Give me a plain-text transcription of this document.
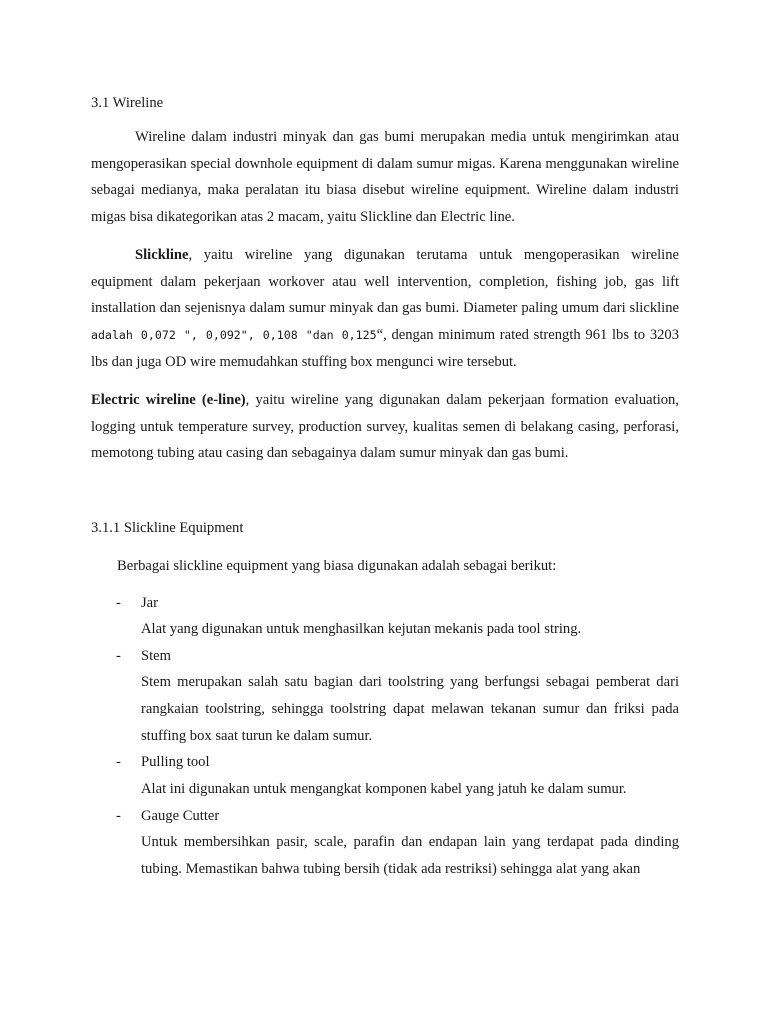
3.1 Wireline

Wireline dalam industri minyak dan gas bumi merupakan media untuk mengirimkan atau mengoperasikan special downhole equipment di dalam sumur migas. Karena menggunakan wireline sebagai medianya, maka peralatan itu biasa disebut wireline equipment. Wireline dalam industri migas bisa dikategorikan atas 2 macam, yaitu Slickline dan Electric line.

Slickline, yaitu wireline yang digunakan terutama untuk mengoperasikan wireline equipment dalam pekerjaan workover atau well intervention, completion, fishing job, gas lift installation dan sejenisnya dalam sumur minyak dan gas bumi. Diameter paling umum dari slickline adalah 0,072 ", 0,092", 0,108 "dan 0,125“, dengan minimum rated strength 961 lbs to 3203 lbs dan juga OD wire memudahkan stuffing box mengunci wire tersebut.

Electric wireline (e-line), yaitu wireline yang digunakan dalam pekerjaan formation evaluation, logging untuk temperature survey, production survey, kualitas semen di belakang casing, perforasi, memotong tubing atau casing dan sebagainya dalam sumur minyak dan gas bumi.

3.1.1 Slickline Equipment
Berbagai slickline equipment yang biasa digunakan adalah sebagai berikut:
-	Jar

Alat yang digunakan untuk menghasilkan kejutan mekanis pada tool string.

-	Stem

Stem merupakan salah satu bagian dari toolstring yang berfungsi sebagai pemberat dari rangkaian toolstring, sehingga toolstring dapat melawan tekanan sumur dan friksi pada stuffing box saat turun ke dalam sumur.

-	Pulling tool

Alat ini digunakan untuk mengangkat komponen kabel yang jatuh ke dalam sumur.

-	Gauge Cutter

Untuk membersihkan pasir, scale, parafin dan endapan lain yang terdapat pada dinding tubing. Memastikan bahwa tubing bersih (tidak ada restriksi) sehingga alat yang akan
